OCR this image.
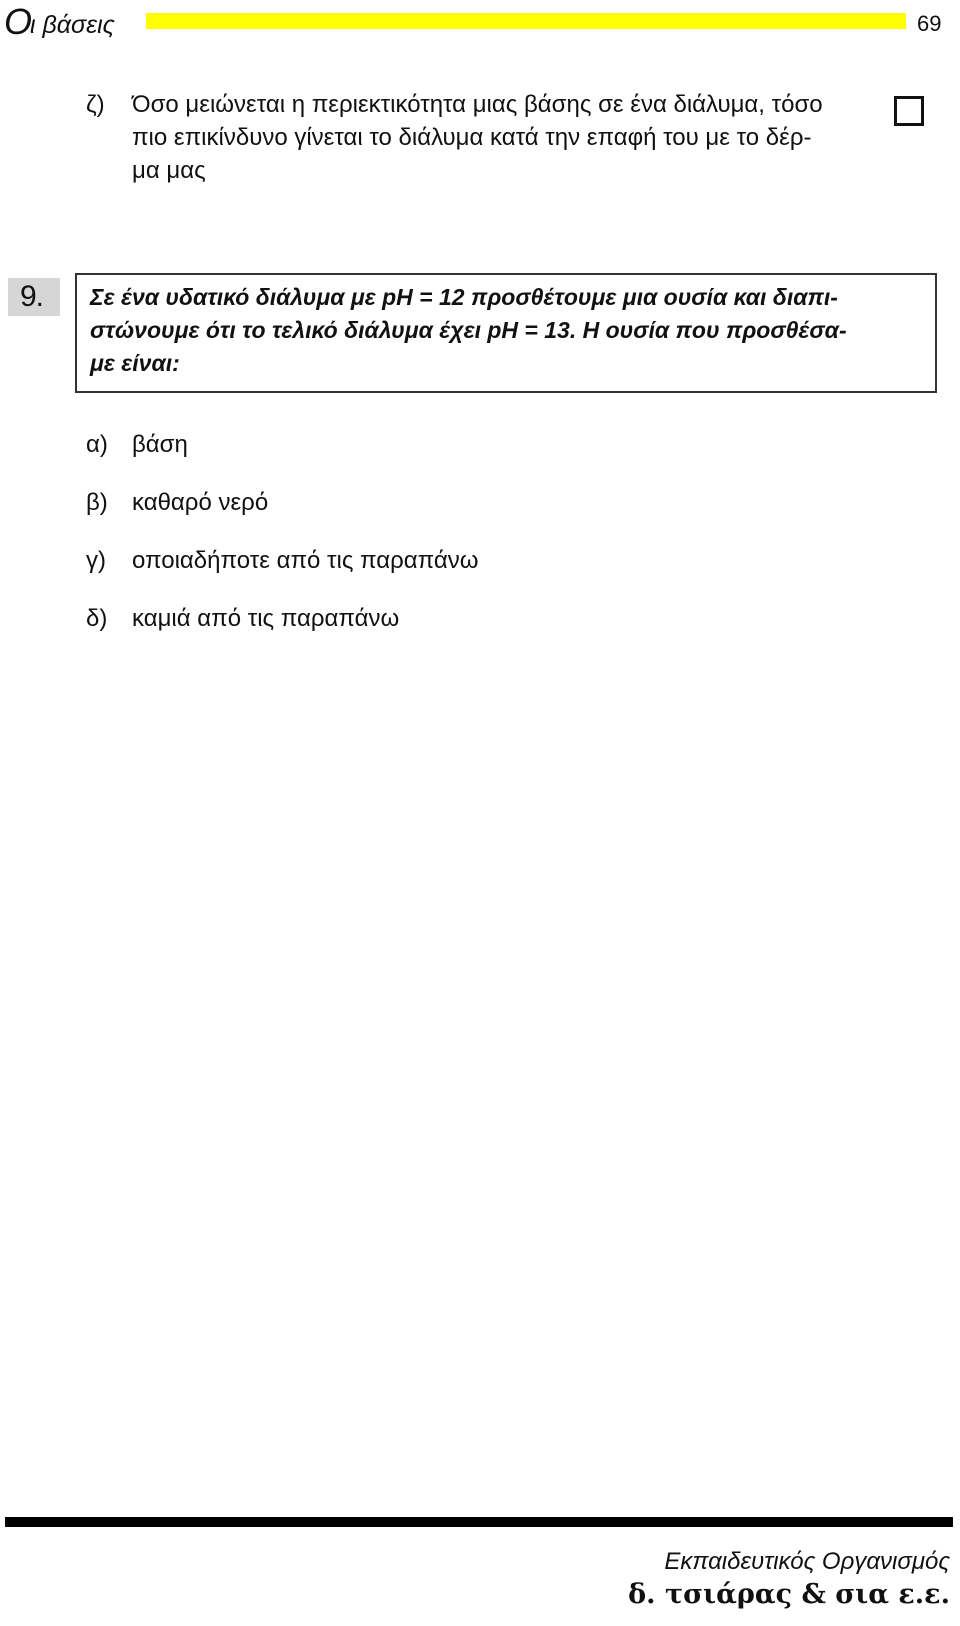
Ο
ι βάσεις	69
ζ) Όσο μειώνεται η περιεκτικότητα μιας βάσης σε ένα διάλυμα, τόσο
πιο επικίνδυνο γίνεται το διάλυμα κατά την επαφή του με το δέρ-
μα μας
9. Σε ένα υδατικό διάλυμα με pH = 12 προσθέτουμε μια ουσία και διαπι-
στώνουμε ότι το τελικό διάλυμα έχει pH = 13. Η ουσία που προσθέσα-
με είναι:
α) βάση
β) καθαρό νερό
γ) οποιαδήποτε από τις παραπάνω
δ) καμιά από τις παραπάνω
Εκπαιδευτικός Οργανισμός
δ. τσιάρας & σια ε.ε.
